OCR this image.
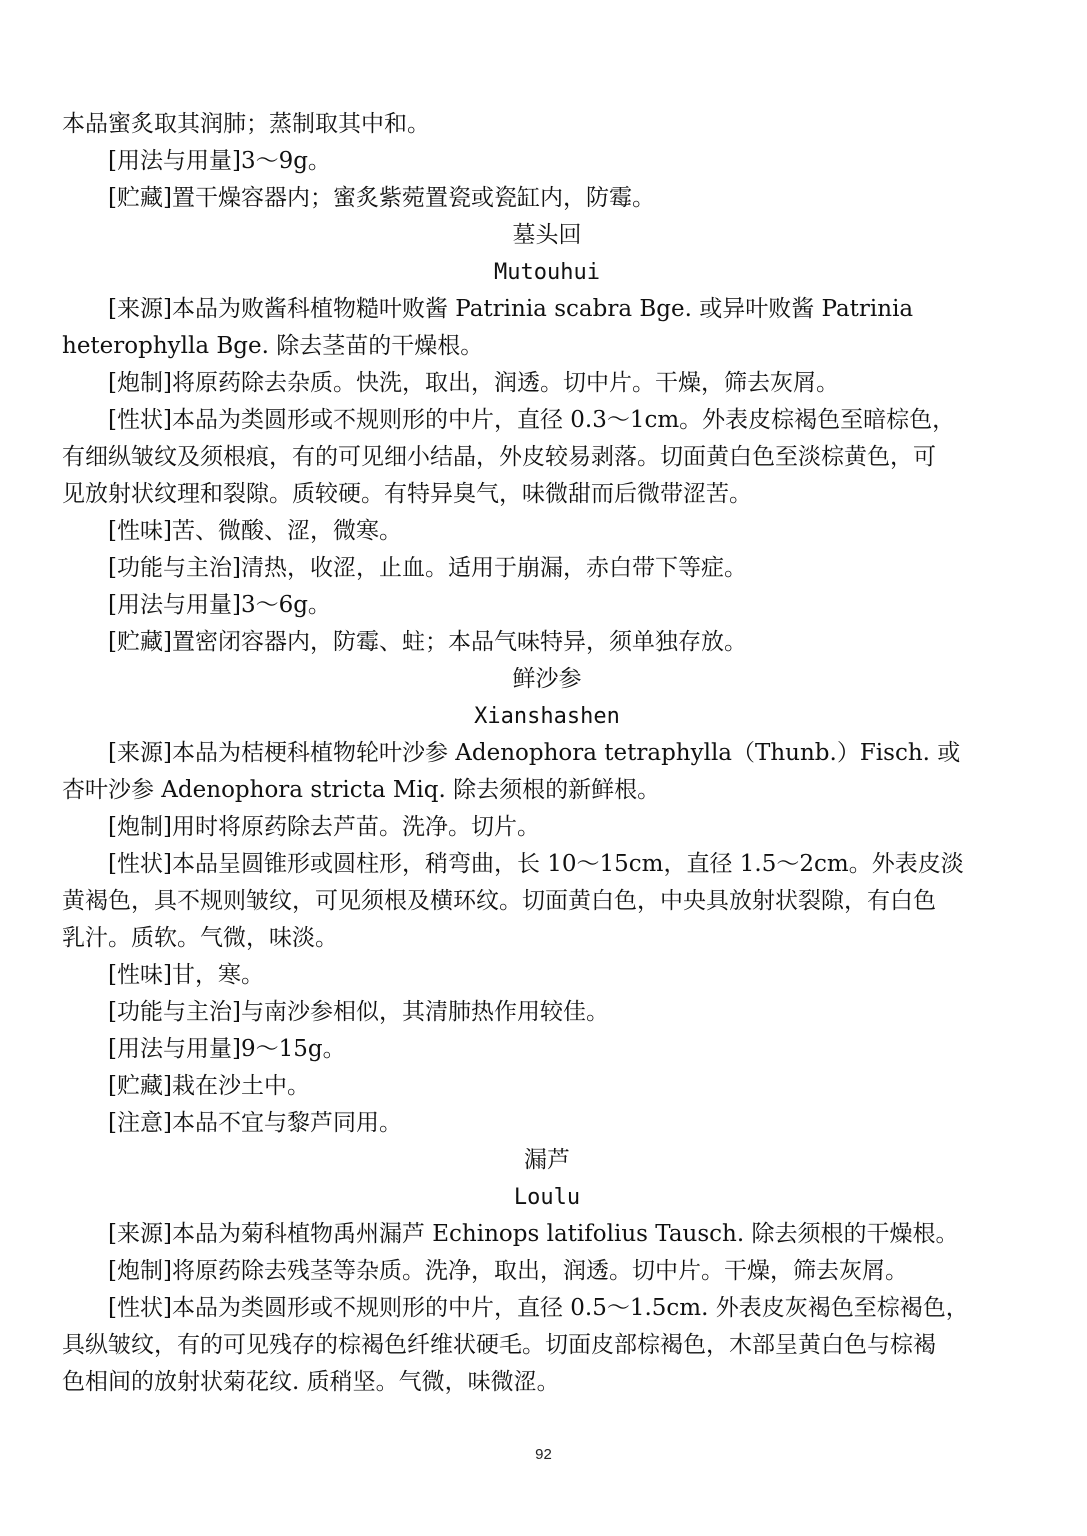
本品蜜炙取其润肺；蒸制取其中和。
[用法与用量]3～9g。
[贮藏]置干燥容器内；蜜炙紫菀置瓷或瓷缸内，防霉。
墓头回
Mutouhui
[来源]本品为败酱科植物糙叶败酱 Patrinia scabra Bge. 或异叶败酱 Patrinia
heterophylla Bge. 除去茎苗的干燥根。
[炮制]将原药除去杂质。快洗，取出，润透。切中片。干燥，筛去灰屑。
[性状]本品为类圆形或不规则形的中片，直径 0.3～1cm。外表皮棕褐色至暗棕色，
有细纵皱纹及须根痕，有的可见细小结晶，外皮较易剥落。切面黄白色至淡棕黄色，可
见放射状纹理和裂隙。质较硬。有特异臭气，味微甜而后微带涩苦。
[性味]苦、微酸、涩，微寒。
[功能与主治]清热，收涩，止血。适用于崩漏，赤白带下等症。
[用法与用量]3～6g。
[贮藏]置密闭容器内，防霉、蛀；本品气味特异，须单独存放。
鲜沙参
Xianshashen
[来源]本品为桔梗科植物轮叶沙参 Adenophora tetraphylla（Thunb.）Fisch. 或
杏叶沙参 Adenophora stricta Miq. 除去须根的新鲜根。
[炮制]用时将原药除去芦苗。洗净。切片。
[性状]本品呈圆锥形或圆柱形，稍弯曲，长 10～15cm，直径 1.5～2cm。外表皮淡
黄褐色，具不规则皱纹，可见须根及横环纹。切面黄白色，中央具放射状裂隙，有白色
乳汁。质软。气微，味淡。
[性味]甘，寒。
[功能与主治]与南沙参相似，其清肺热作用较佳。
[用法与用量]9～15g。
[贮藏]栽在沙土中。
[注意]本品不宜与黎芦同用。
漏芦
Loulu
[来源]本品为菊科植物禹州漏芦 Echinops latifolius Tausch. 除去须根的干燥根。
[炮制]将原药除去残茎等杂质。洗净，取出，润透。切中片。干燥，筛去灰屑。
[性状]本品为类圆形或不规则形的中片，直径 0.5～1.5cm. 外表皮灰褐色至棕褐色，
具纵皱纹，有的可见残存的棕褐色纤维状硬毛。切面皮部棕褐色，木部呈黄白色与棕褐
色相间的放射状菊花纹. 质稍坚。气微，味微涩。
92
